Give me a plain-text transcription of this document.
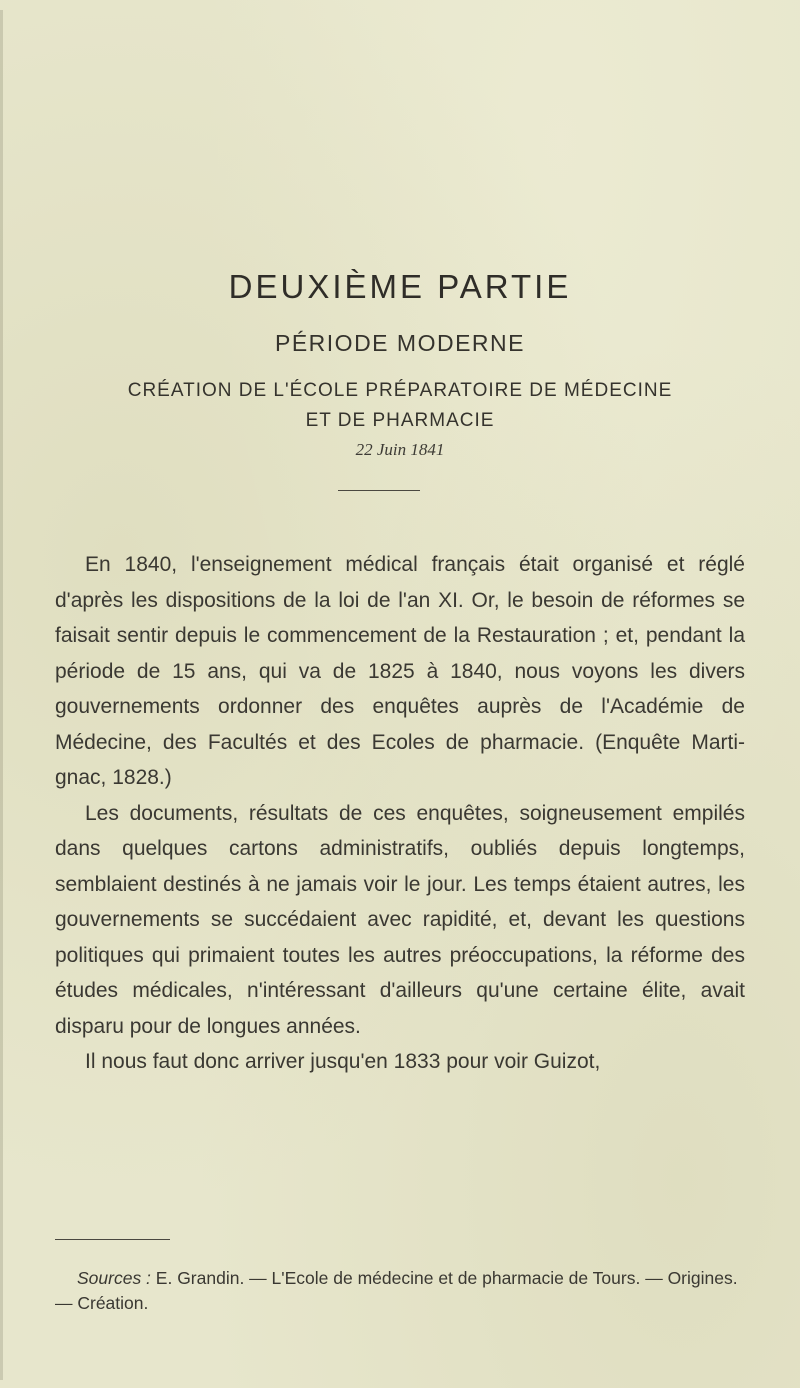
DEUXIÈME PARTIE
PÉRIODE MODERNE
CRÉATION DE L'ÉCOLE PRÉPARATOIRE DE MÉDECINE
ET DE PHARMACIE
22 Juin 1841

En 1840, l'enseignement médical français était organisé et réglé d'après les dispositions de la loi de l'an XI. Or, le besoin de réformes se faisait sentir depuis le commencement de la Restauration ; et, pendant la période de 15 ans, qui va de 1825 à 1840, nous voyons les divers gouvernements ordonner des enquêtes auprès de l'Académie de Médecine, des Facultés et des Ecoles de pharmacie. (Enquête Marti-gnac, 1828.)

Les documents, résultats de ces enquêtes, soigneusement empilés dans quelques cartons administratifs, oubliés depuis longtemps, semblaient destinés à ne jamais voir le jour. Les temps étaient autres, les gouvernements se succédaient avec rapidité, et, devant les questions politiques qui primaient toutes les autres préoccupations, la réforme des études médicales, n'intéressant d'ailleurs qu'une certaine élite, avait disparu pour de longues années.

Il nous faut donc arriver jusqu'en 1833 pour voir Guizot,

Sources : E. Grandin. — L'Ecole de médecine et de pharmacie de Tours. — Origines. — Création.
